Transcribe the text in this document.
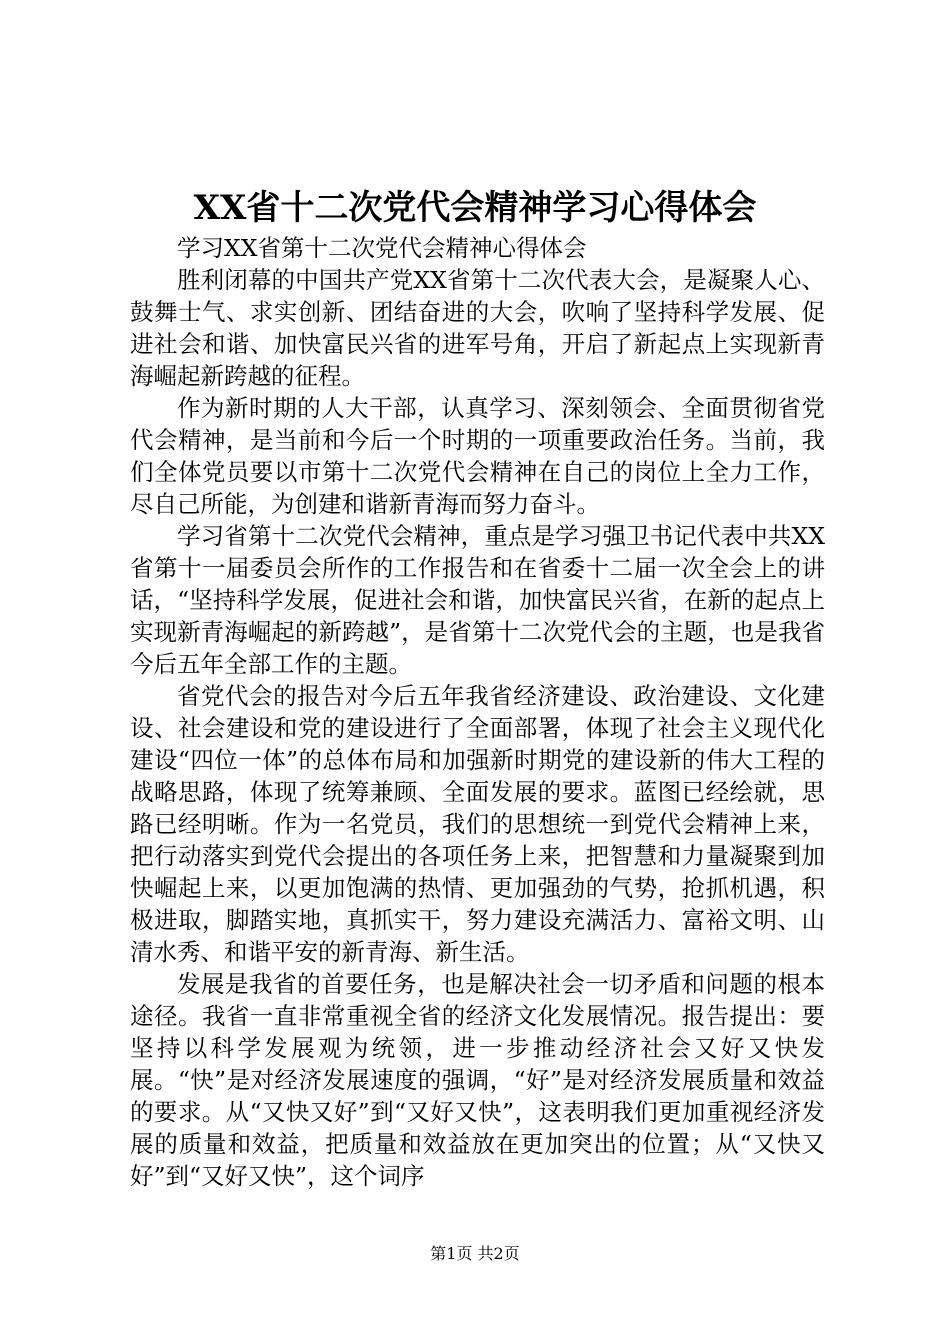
XX省十二次党代会精神学习心得体会

学习XX省第十二次党代会精神心得体会

胜利闭幕的中国共产党XX省第十二次代表大会，是凝聚人心、鼓舞士气、求实创新、团结奋进的大会，吹响了坚持科学发展、促进社会和谐、加快富民兴省的进军号角，开启了新起点上实现新青海崛起新跨越的征程。

作为新时期的人大干部，认真学习、深刻领会、全面贯彻省党代会精神，是当前和今后一个时期的一项重要政治任务。当前，我们全体党员要以市第十二次党代会精神在自己的岗位上全力工作，尽自己所能，为创建和谐新青海而努力奋斗。

学习省第十二次党代会精神，重点是学习强卫书记代表中共XX省第十一届委员会所作的工作报告和在省委十二届一次全会上的讲话，“坚持科学发展，促进社会和谐，加快富民兴省，在新的起点上实现新青海崛起的新跨越”，是省第十二次党代会的主题，也是我省今后五年全部工作的主题。

省党代会的报告对今后五年我省经济建设、政治建设、文化建设、社会建设和党的建设进行了全面部署，体现了社会主义现代化建设“四位一体”的总体布局和加强新时期党的建设新的伟大工程的战略思路，体现了统筹兼顾、全面发展的要求。蓝图已经绘就，思路已经明晰。作为一名党员，我们的思想统一到党代会精神上来，把行动落实到党代会提出的各项任务上来，把智慧和力量凝聚到加快崛起上来，以更加饱满的热情、更加强劲的气势，抢抓机遇，积极进取，脚踏实地，真抓实干，努力建设充满活力、富裕文明、山清水秀、和谐平安的新青海、新生活。

发展是我省的首要任务，也是解决社会一切矛盾和问题的根本途径。我省一直非常重视全省的经济文化发展情况。报告提出：要坚持以科学发展观为统领，进一步推动经济社会又好又快发展。“快”是对经济发展速度的强调，“好”是对经济发展质量和效益的要求。从“又快又好”到“又好又快”，这表明我们更加重视经济发展的质量和效益，把质量和效益放在更加突出的位置；从“又快又好”到“又好又快”，这个词序

第1页 共2页
